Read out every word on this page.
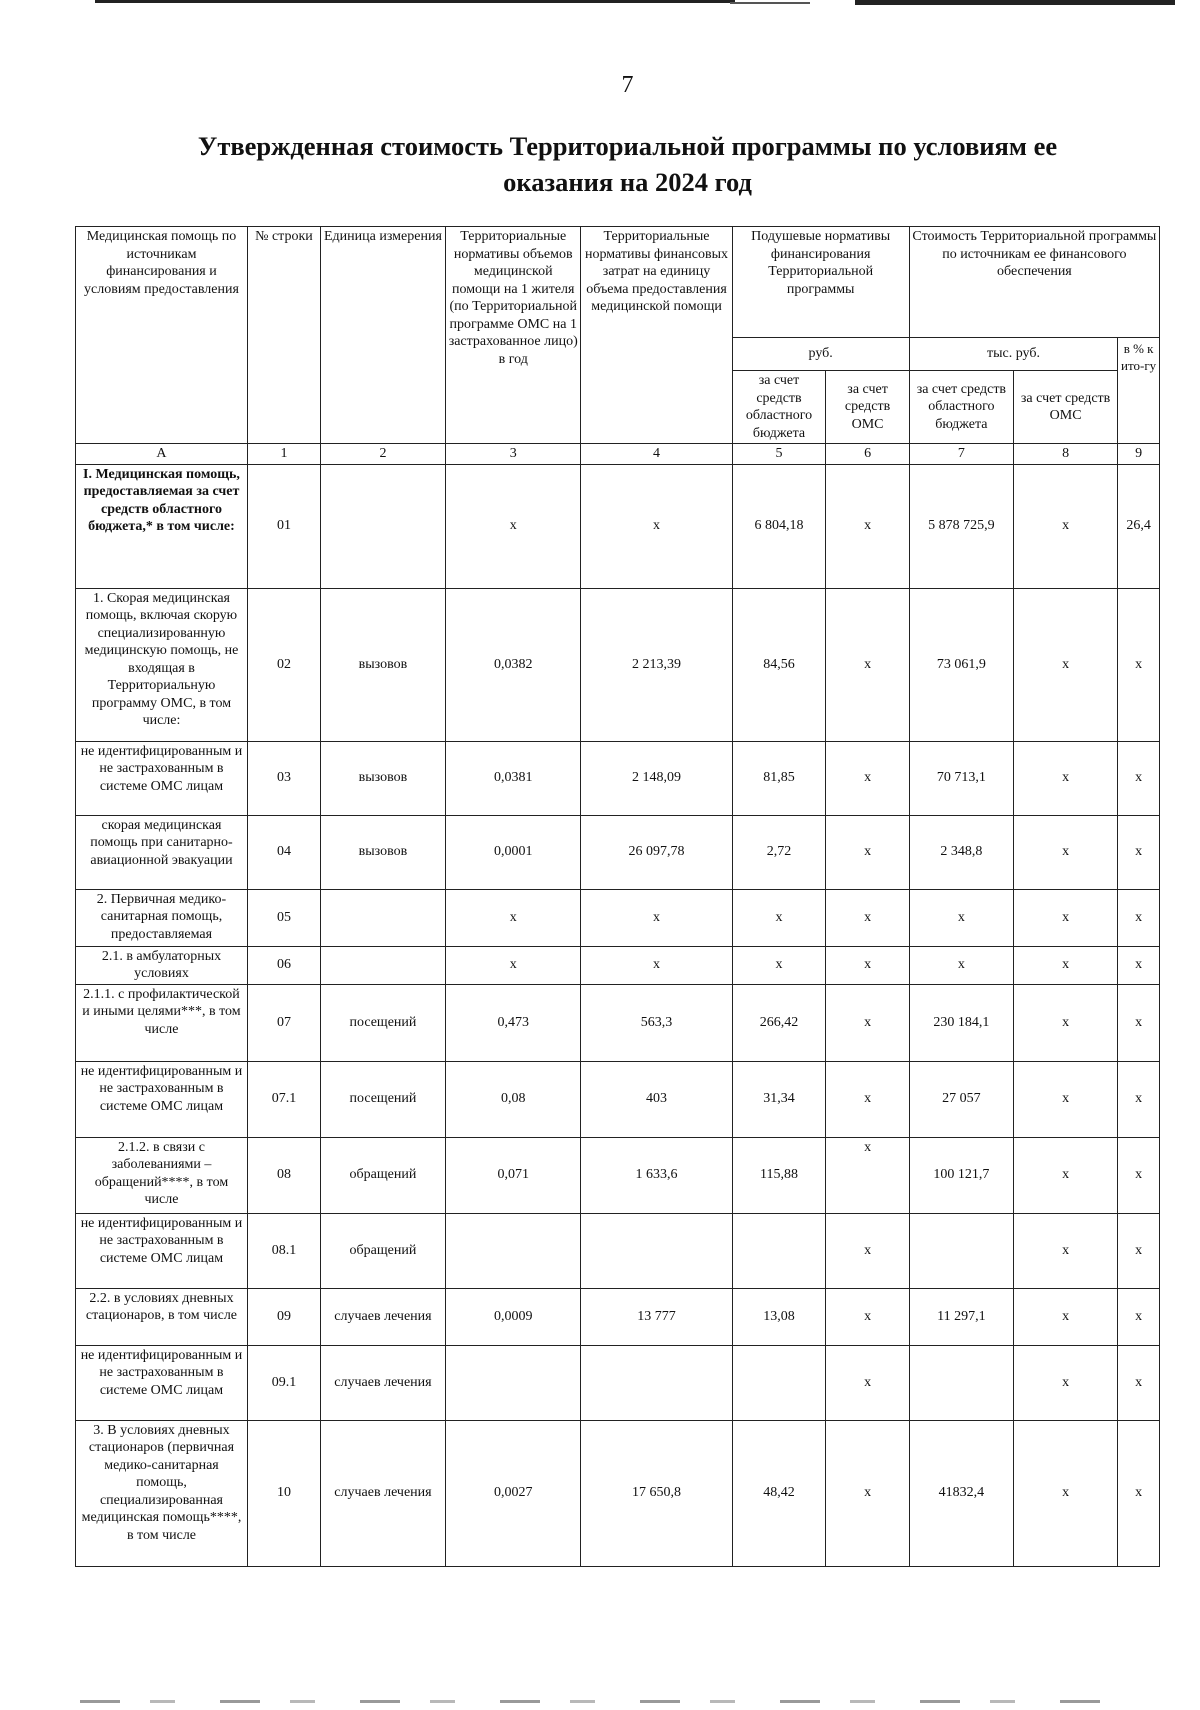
7
Утвержденная стоимость Территориальной программы по условиям ее
оказания на 2024 год
Медицинская помощь по источникам финансирования и условиям предоставления	№ строки	Единица измерения	Территориальные нормативы объемов медицинской помощи на 1 жителя (по Территориальной программе ОМС на 1 застрахованное лицо) в год	Территориальные нормативы финансовых затрат на единицу объема предоставления медицинской помощи	Подушевые нормативы финансирования Территориальной программы		Стоимость Территориальной программы по источникам ее финансового обеспечения		
					руб.		тыс. руб.		в % к ито-гу
					за счет средств областного бюджета	за счет средств ОМС	за счет средств областного бюджета	за счет средств ОМС	
А	1	2	3	4	5	6	7	8	9
I. Медицинская помощь, предоставляемая за счет средств областного бюджета,* в том числе:	01		х	х	6 804,18	х	5 878 725,9	х	26,4
1. Скорая медицинская помощь, включая скорую специализированную медицинскую помощь, не входящая в Территориальную программу ОМС, в том числе:	02	вызовов	0,0382	2 213,39	84,56	х	73 061,9	х	х
не идентифицированным и не застрахованным в системе ОМС лицам	03	вызовов	0,0381	2 148,09	81,85	х	70 713,1	х	х
скорая медицинская помощь при санитарно-авиационной эвакуации	04	вызовов	0,0001	26 097,78	2,72	х	2 348,8	х	х
2. Первичная медико-санитарная помощь, предоставляемая	05		х	х	х	х	х	х	х
2.1. в амбулаторных условиях	06		х	х	х	х	х	х	х
2.1.1. с профилактической и иными целями***, в том числе	07	посещений	0,473	563,3	266,42	х	230 184,1	х	х
не идентифицированным и не застрахованным в системе ОМС лицам	07.1	посещений	0,08	403	31,34	х	27 057	х	х
2.1.2. в связи с заболеваниями – обращений****, в том числе	08	обращений	0,071	1 633,6	115,88	х	100 121,7	х	х
не идентифицированным и не застрахованным в системе ОМС лицам	08.1	обращений				х		х	х
2.2. в условиях дневных стационаров, в том числе	09	случаев лечения	0,0009	13 777	13,08	х	11 297,1	х	х
не идентифицированным и не застрахованным в системе ОМС лицам	09.1	случаев лечения				х		х	х
3. В условиях дневных стационаров (первичная медико-санитарная помощь, специализированная медицинская помощь****, в том числе	10	случаев лечения	0,0027	17 650,8	48,42	х	41832,4	х	х
